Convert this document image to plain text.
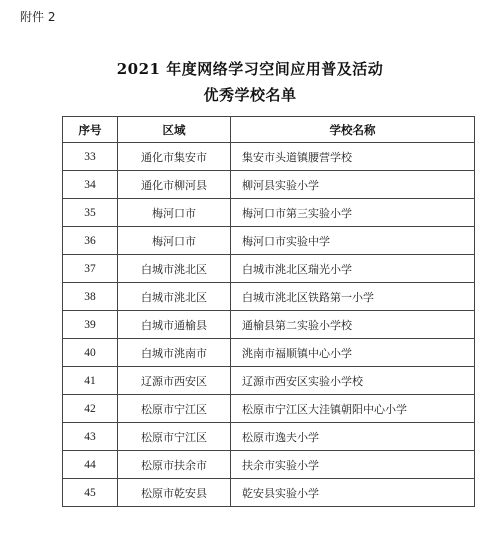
附件 2
2021 年度网络学习空间应用普及活动
优秀学校名单
序号	区域	学校名称
33	通化市集安市	集安市头道镇腰营学校
34	通化市柳河县	柳河县实验小学
35	梅河口市	梅河口市第三实验小学
36	梅河口市	梅河口市实验中学
37	白城市洮北区	白城市洮北区瑞光小学
38	白城市洮北区	白城市洮北区铁路第一小学
39	白城市通榆县	通榆县第二实验小学校
40	白城市洮南市	洮南市福顺镇中心小学
41	辽源市西安区	辽源市西安区实验小学校
42	松原市宁江区	松原市宁江区大洼镇朝阳中心小学
43	松原市宁江区	松原市逸夫小学
44	松原市扶余市	扶余市实验小学
45	松原市乾安县	乾安县实验小学
